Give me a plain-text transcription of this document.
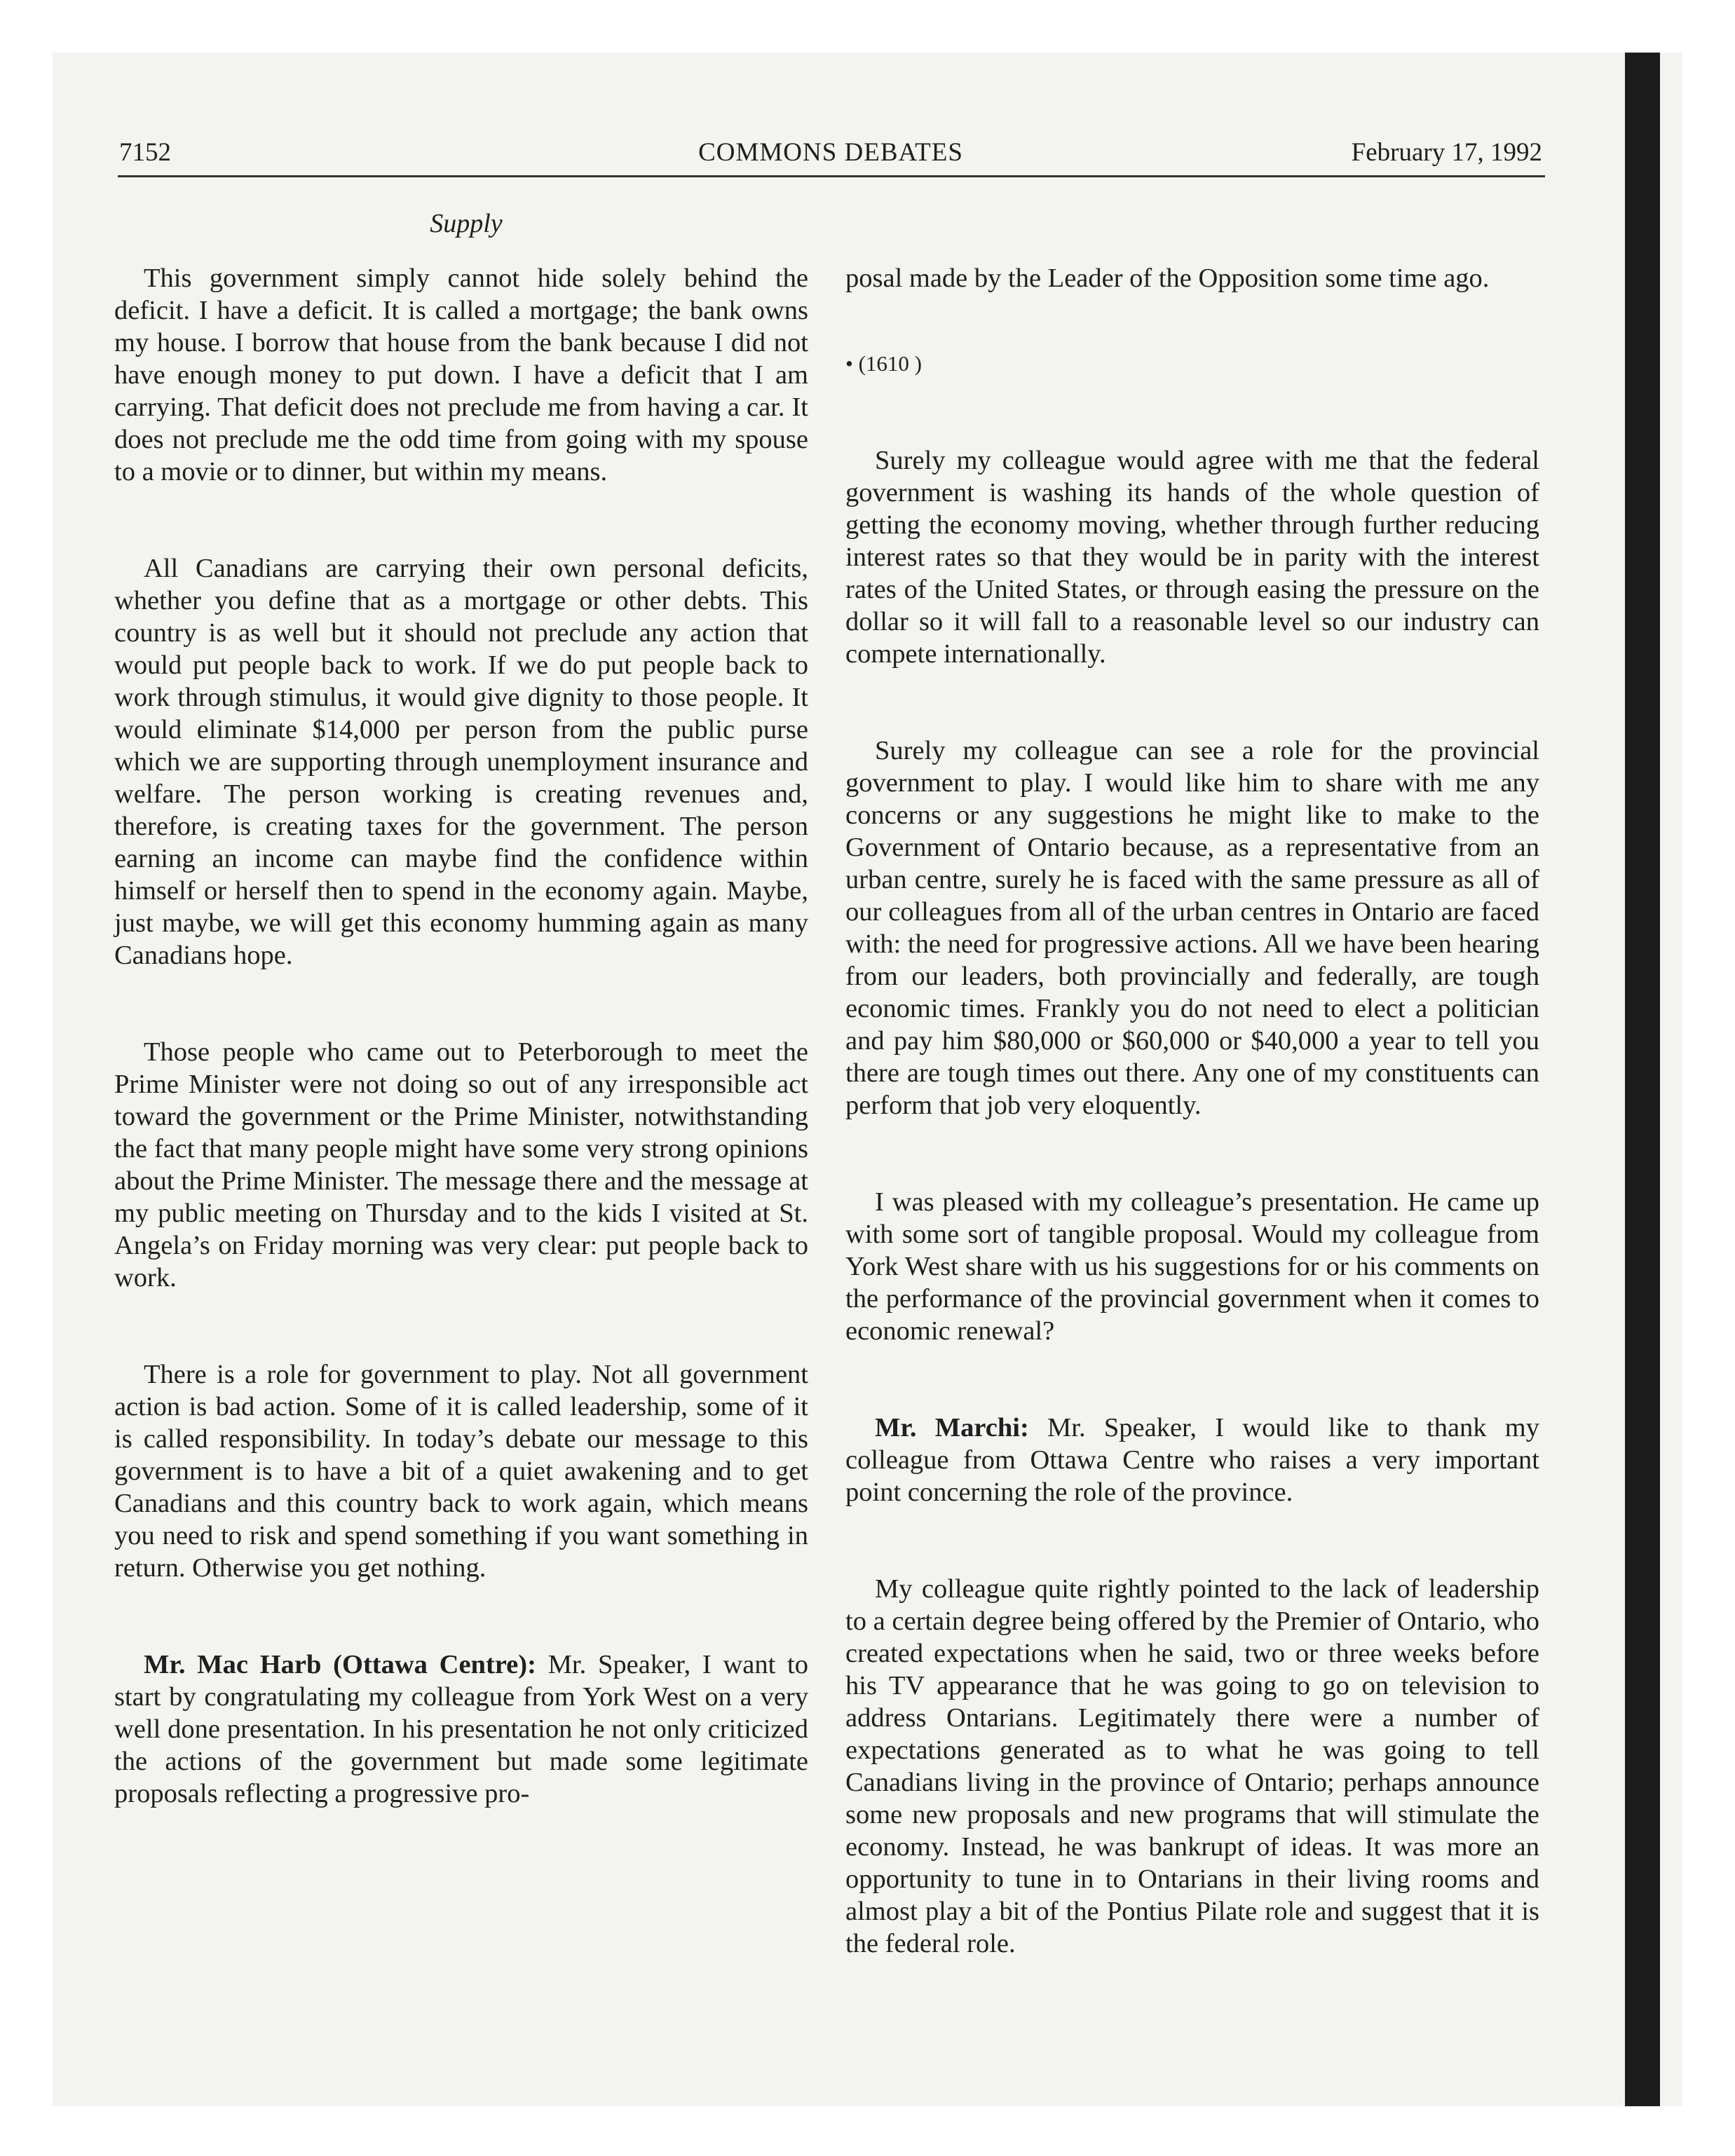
7152	COMMONS DEBATES	February 17, 1992
Supply

This government simply cannot hide solely behind the deficit. I have a deficit. It is called a mortgage; the bank owns my house. I borrow that house from the bank because I did not have enough money to put down. I have a deficit that I am carrying. That deficit does not preclude me from having a car. It does not preclude me the odd time from going with my spouse to a movie or to dinner, but within my means.

All Canadians are carrying their own personal deficits, whether you define that as a mortgage or other debts. This country is as well but it should not preclude any action that would put people back to work. If we do put people back to work through stimulus, it would give dignity to those people. It would eliminate $14,000 per person from the public purse which we are supporting through unemployment insurance and welfare. The person working is creating revenues and, therefore, is creating taxes for the government. The person earning an income can maybe find the confidence within himself or herself then to spend in the economy again. Maybe, just maybe, we will get this economy humming again as many Canadians hope.

Those people who came out to Peterborough to meet the Prime Minister were not doing so out of any irresponsible act toward the government or the Prime Minister, notwithstanding the fact that many people might have some very strong opinions about the Prime Minister. The message there and the message at my public meeting on Thursday and to the kids I visited at St. Angela’s on Friday morning was very clear: put people back to work.

There is a role for government to play. Not all government action is bad action. Some of it is called leadership, some of it is called responsibility. In today’s debate our message to this government is to have a bit of a quiet awakening and to get Canadians and this country back to work again, which means you need to risk and spend something if you want something in return. Otherwise you get nothing.

Mr. Mac Harb (Ottawa Centre): Mr. Speaker, I want to start by congratulating my colleague from York West on a very well done presentation. In his presentation he not only criticized the actions of the government but made some legitimate proposals reflecting a progressive pro-

posal made by the Leader of the Opposition some time ago.

• (1610 )

Surely my colleague would agree with me that the federal government is washing its hands of the whole question of getting the economy moving, whether through further reducing interest rates so that they would be in parity with the interest rates of the United States, or through easing the pressure on the dollar so it will fall to a reasonable level so our industry can compete internationally.

Surely my colleague can see a role for the provincial government to play. I would like him to share with me any concerns or any suggestions he might like to make to the Government of Ontario because, as a representative from an urban centre, surely he is faced with the same pressure as all of our colleagues from all of the urban centres in Ontario are faced with: the need for progressive actions. All we have been hearing from our leaders, both provincially and federally, are tough economic times. Frankly you do not need to elect a politician and pay him $80,000 or $60,000 or $40,000 a year to tell you there are tough times out there. Any one of my constituents can perform that job very eloquently.

I was pleased with my colleague’s presentation. He came up with some sort of tangible proposal. Would my colleague from York West share with us his suggestions for or his comments on the performance of the provincial government when it comes to economic renewal?

Mr. Marchi: Mr. Speaker, I would like to thank my colleague from Ottawa Centre who raises a very important point concerning the role of the province.

My colleague quite rightly pointed to the lack of leadership to a certain degree being offered by the Premier of Ontario, who created expectations when he said, two or three weeks before his TV appearance that he was going to go on television to address Ontarians. Legitimately there were a number of expectations generated as to what he was going to tell Canadians living in the province of Ontario; perhaps announce some new proposals and new programs that will stimulate the economy. Instead, he was bankrupt of ideas. It was more an opportunity to tune in to Ontarians in their living rooms and almost play a bit of the Pontius Pilate role and suggest that it is the federal role.
